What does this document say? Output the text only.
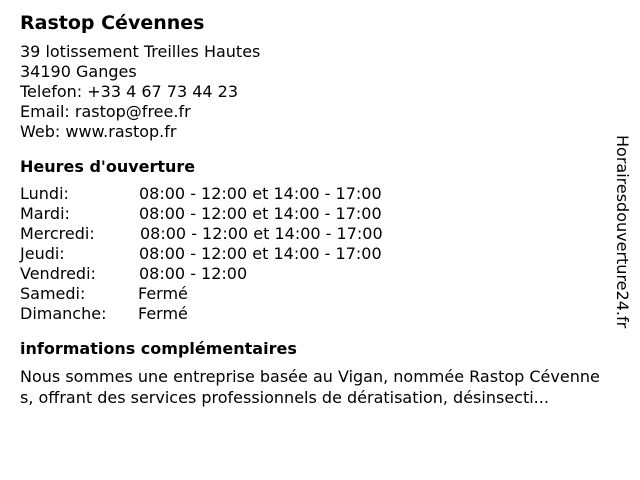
Rastop Cévennes
39 lotissement Treilles Hautes
34190 Ganges
Telefon: +33 4 67 73 44 23
Email: rastop@free.fr
Web: www.rastop.fr
Heures d'ouverture
Lundi:	08:00 - 12:00 et 14:00 - 17:00
Mardi:	08:00 - 12:00 et 14:00 - 17:00
Mercredi:	08:00 - 12:00 et 14:00 - 17:00
Jeudi:	08:00 - 12:00 et 14:00 - 17:00
Vendredi:	08:00 - 12:00
Samedi:	Fermé
Dimanche: Fermé
informations complémentaires
Nous sommes une entreprise basée au Vigan, nommée Rastop Cévennes, offrant des services professionnels de dératisation, désinsecti...
Horairesdouverture24.fr
